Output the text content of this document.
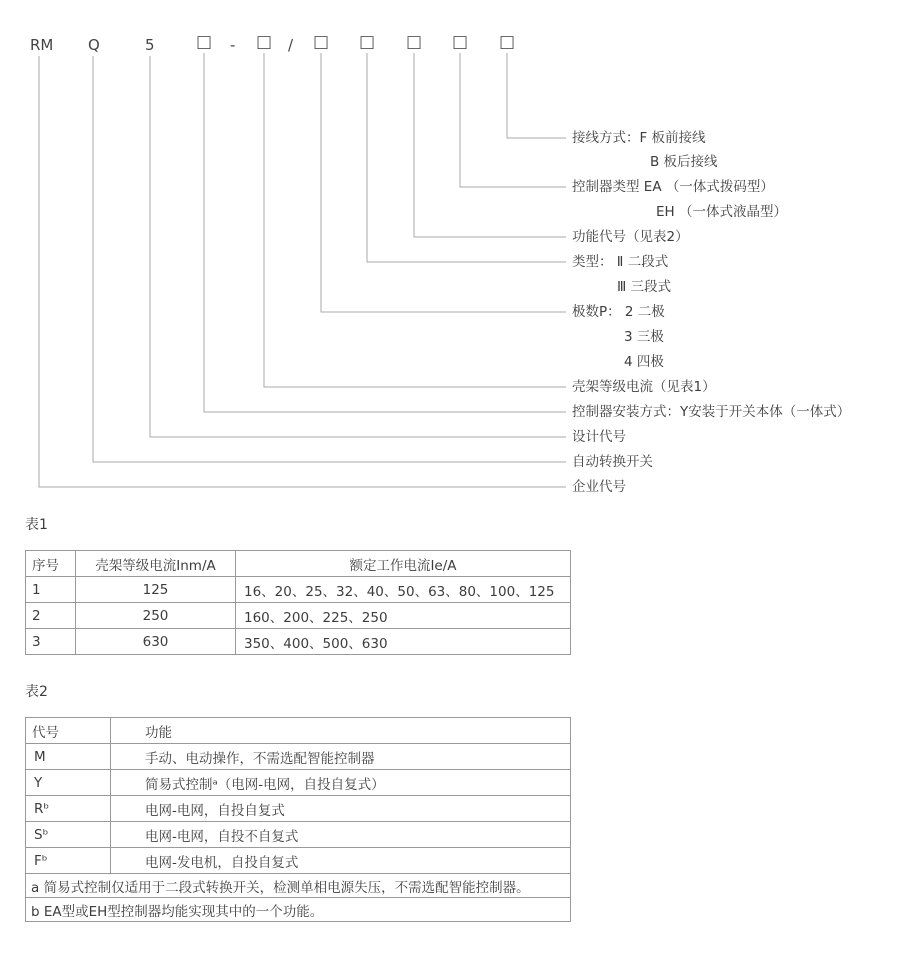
RM Q	5 □ - □ / □ □ □ □ □
接线方式：F 板前接线
B 板后接线
控制器类型 EA （一体式拨码型）
EH （一体式液晶型）
功能代号（见表2）
类型： Ⅱ 二段式
Ⅲ 三段式
极数P： 2 二极
3 三极
4 四极
壳架等级电流（见表1）
控制器安装方式：Y安装于开关本体（一体式）
设计代号
自动转换开关
企业代号
表1
序号	壳架等级电流Inm/A	额定工作电流Ie/A
1	125	16、20、25、32、40、50、63、80、100、125
2	250	160、200、225、250
3	630	350、400、500、630
表2
代号	功能
M	手动、电动操作，不需选配智能控制器
Y	简易式控制ᵃ（电网-电网，自投自复式）
Rᵇ	电网-电网，自投自复式
Sᵇ	电网-电网，自投不自复式
Fᵇ	电网-发电机，自投自复式
a 简易式控制仅适用于二段式转换开关，检测单相电源失压，不需选配智能控制器。	
b EA型或EH型控制器均能实现其中的一个功能。	
